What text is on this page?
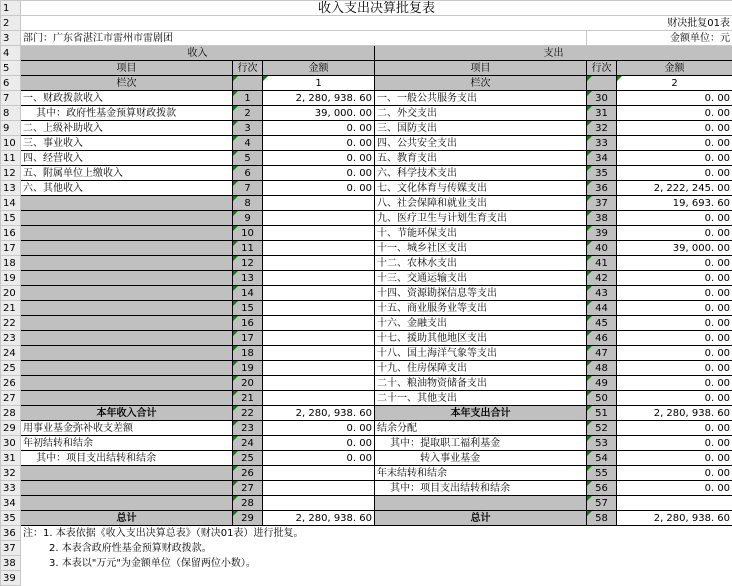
1	收入支出决算批复表					
2	财决批复01表					
3	部门：广东省湛江市雷州市雷剧团				金额单位：元	
4	收入			支出		
5	项目	行次	金额	项目	行次	金额
6	栏次		1	栏次		2
7	一、财政拨款收入	1	2, 280, 938. 60	一、一般公共服务支出	30	0. 00
8	　 其中：政府性基金预算财政拨款	2	39, 000. 00	二、外交支出	31	0. 00
9	二、上级补助收入	3	0. 00	三、国防支出	32	0. 00
10	三、事业收入	4	0. 00	四、公共安全支出	33	0. 00
11	四、经营收入	5	0. 00	五、教育支出	34	0. 00
12	五、附属单位上缴收入	6	0. 00	六、科学技术支出	35	0. 00
13	六、其他收入	7	0. 00	七、文化体育与传媒支出	36	2, 222, 245. 00
14		8		八、社会保障和就业支出	37	19, 693. 60
15		9		九、医疗卫生与计划生育支出	38	0. 00
16		10		十、节能环保支出	39	0. 00
17		11		十一、城乡社区支出	40	39, 000. 00
18		12		十二、农林水支出	41	0. 00
19		13		十三、交通运输支出	42	0. 00
20		14		十四、资源勘探信息等支出	43	0. 00
21		15		十五、商业服务业等支出	44	0. 00
22		16		十六、金融支出	45	0. 00
23		17		十七、援助其他地区支出	46	0. 00
24		18		十八、国土海洋气象等支出	47	0. 00
25		19		十九、住房保障支出	48	0. 00
26		20		二十、粮油物资储备支出	49	0. 00
27		21		二十一、其他支出	50	0. 00
28	本年收入合计	22	2, 280, 938. 60	本年支出合计	51	2, 280, 938. 60
29	用事业基金弥补收支差额	23	0. 00	结余分配	52	0. 00
30	年初结转和结余	24	0. 00	　 其中：提取职工福利基金	53	0. 00
31	　 其中：项目支出结转和结余	25	0. 00	　　　　 转入事业基金	54	0. 00
32		26		年末结转和结余	55	0. 00
33		27		　 其中：项目支出结转和结余	56	0. 00
34		28			57	
35	总计	29	2, 280, 938. 60	总计	58	2, 280, 938. 60
36	注：1. 本表依据《收入支出决算总表》（财决01表）进行批复。					
37	2. 本表含政府性基金预算财政拨款。					
38	3. 本表以"万元"为金额单位（保留两位小数）。					
39						
